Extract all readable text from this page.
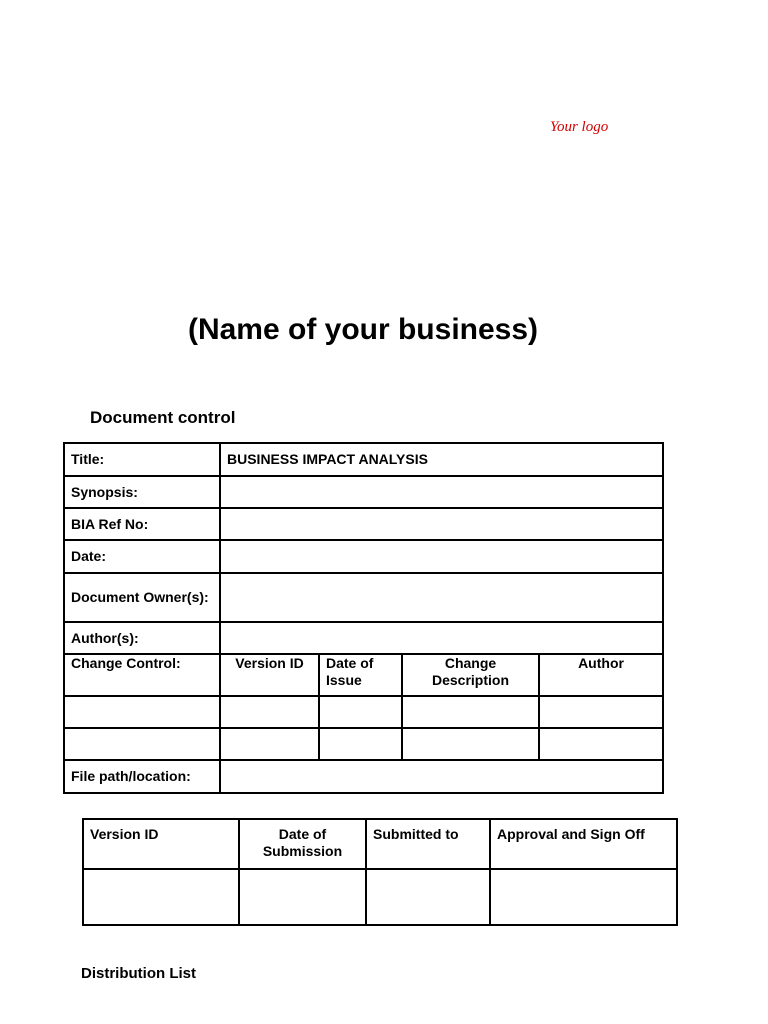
Your logo
(Name of your business)
Document control
Title:	BUSINESS IMPACT ANALYSIS			
Synopsis:				
BIA Ref No:				
Date:				
Document Owner(s):				
Author(s):				
Change Control:	Version ID	Date of Issue	Change Description	Author

File path/location:				
Version ID	Date of Submission	Submitted to	Approval and Sign Off

Distribution List
